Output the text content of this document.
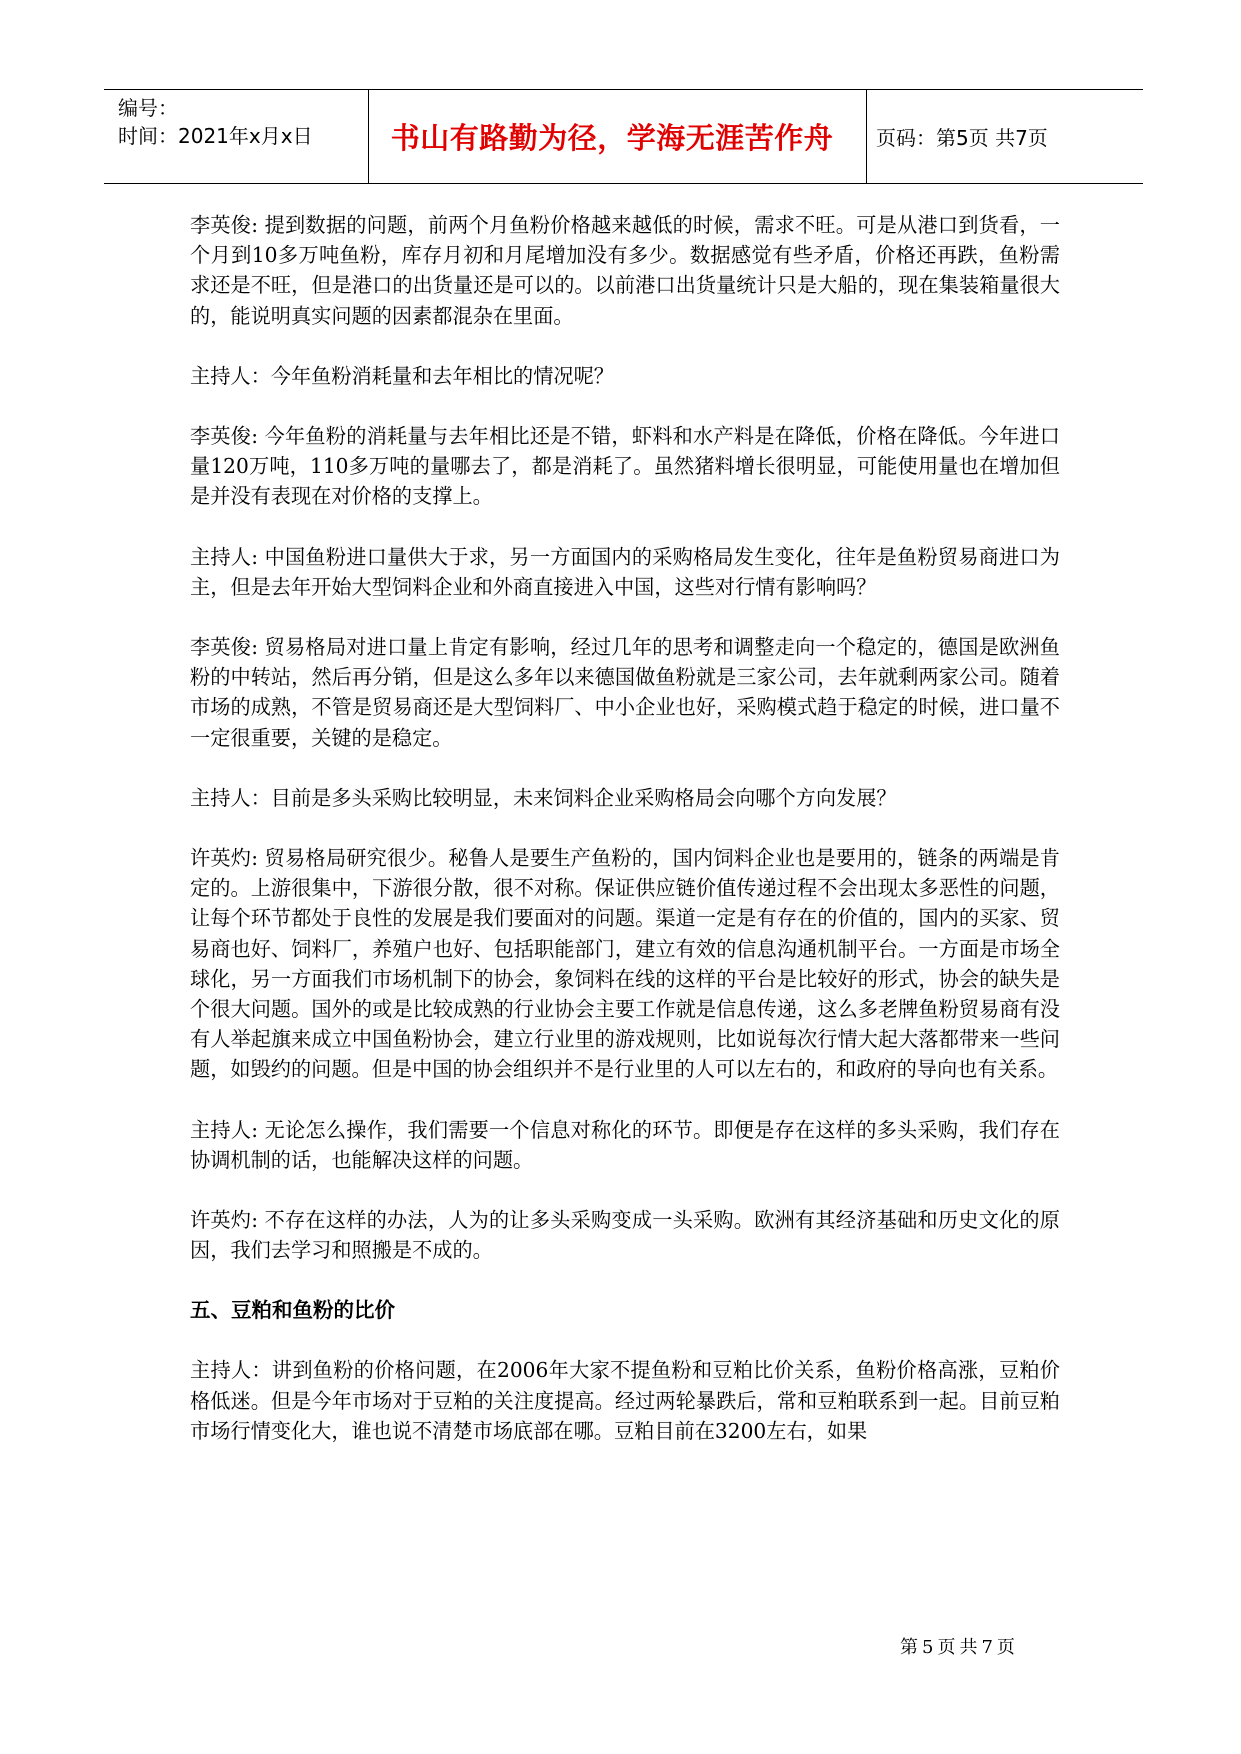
编号：
时间：2021年x月x日	书山有路勤为径，学海无涯苦作舟	页码：第5页 共7页

李英俊: 提到数据的问题，前两个月鱼粉价格越来越低的时候，需求不旺。可是从港口到货看，一个月到10多万吨鱼粉，库存月初和月尾增加没有多少。数据感觉有些矛盾，价格还再跌，鱼粉需求还是不旺，但是港口的出货量还是可以的。以前港口出货量统计只是大船的，现在集装箱量很大的，能说明真实问题的因素都混杂在里面。

主持人：今年鱼粉消耗量和去年相比的情况呢？

李英俊: 今年鱼粉的消耗量与去年相比还是不错，虾料和水产料是在降低，价格在降低。今年进口量120万吨，110多万吨的量哪去了，都是消耗了。虽然猪料增长很明显，可能使用量也在增加但是并没有表现在对价格的支撑上。

主持人: 中国鱼粉进口量供大于求，另一方面国内的采购格局发生变化，往年是鱼粉贸易商进口为主，但是去年开始大型饲料企业和外商直接进入中国，这些对行情有影响吗？

李英俊: 贸易格局对进口量上肯定有影响，经过几年的思考和调整走向一个稳定的，德国是欧洲鱼粉的中转站，然后再分销，但是这么多年以来德国做鱼粉就是三家公司，去年就剩两家公司。随着市场的成熟，不管是贸易商还是大型饲料厂、中小企业也好，采购模式趋于稳定的时候，进口量不一定很重要，关键的是稳定。

主持人：目前是多头采购比较明显，未来饲料企业采购格局会向哪个方向发展？

许英灼: 贸易格局研究很少。秘鲁人是要生产鱼粉的，国内饲料企业也是要用的，链条的两端是肯定的。上游很集中，下游很分散，很不对称。保证供应链价值传递过程不会出现太多恶性的问题，让每个环节都处于良性的发展是我们要面对的问题。渠道一定是有存在的价值的，国内的买家、贸易商也好、饲料厂，养殖户也好、包括职能部门，建立有效的信息沟通机制平台。一方面是市场全球化，另一方面我们市场机制下的协会，象饲料在线的这样的平台是比较好的形式，协会的缺失是个很大问题。国外的或是比较成熟的行业协会主要工作就是信息传递，这么多老牌鱼粉贸易商有没有人举起旗来成立中国鱼粉协会，建立行业里的游戏规则，比如说每次行情大起大落都带来一些问题，如毁约的问题。但是中国的协会组织并不是行业里的人可以左右的，和政府的导向也有关系。

主持人: 无论怎么操作，我们需要一个信息对称化的环节。即便是存在这样的多头采购，我们存在协调机制的话，也能解决这样的问题。

许英灼: 不存在这样的办法，人为的让多头采购变成一头采购。欧洲有其经济基础和历史文化的原因，我们去学习和照搬是不成的。

五、豆粕和鱼粉的比价

主持人：讲到鱼粉的价格问题，在2006年大家不提鱼粉和豆粕比价关系，鱼粉价格高涨，豆粕价格低迷。但是今年市场对于豆粕的关注度提高。经过两轮暴跌后，常和豆粕联系到一起。目前豆粕市场行情变化大，谁也说不清楚市场底部在哪。豆粕目前在3200左右，如果

第5页共7页
